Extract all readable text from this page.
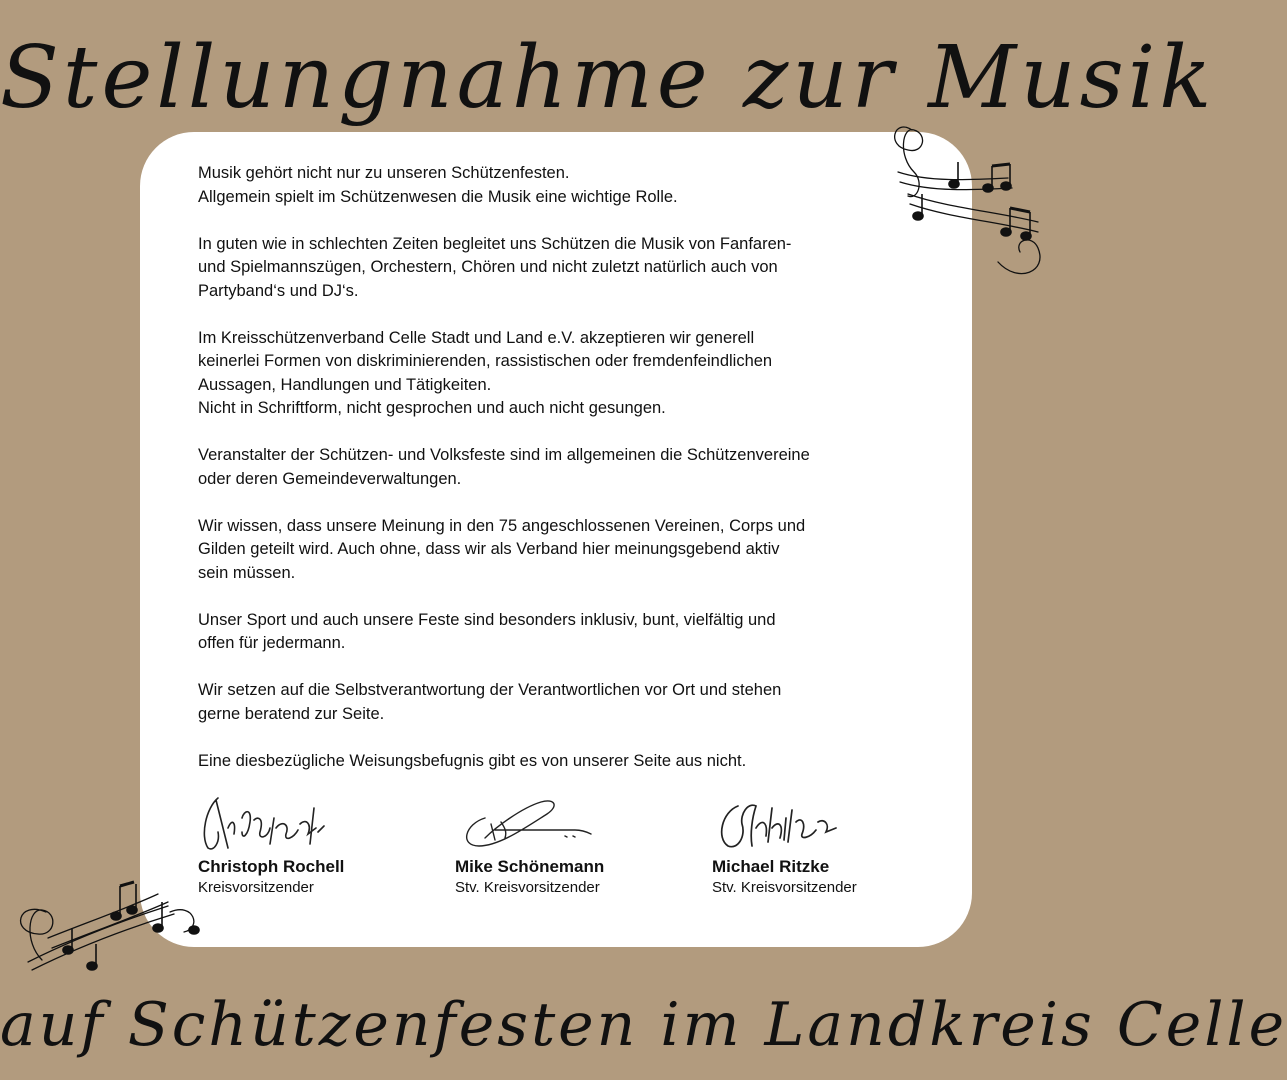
Stellungnahme zur Musik
Musik gehört nicht nur zu unseren Schützenfesten.
Allgemein spielt im Schützenwesen die Musik eine wichtige Rolle.
In guten wie in schlechten Zeiten begleitet uns Schützen die Musik von Fanfaren-
und Spielmannszügen, Orchestern, Chören und nicht zuletzt natürlich auch von
Partyband‘s und DJ‘s.
Im Kreisschützenverband Celle Stadt und Land e.V. akzeptieren wir generell
keinerlei Formen von diskriminierenden, rassistischen oder fremdenfeindlichen
Aussagen, Handlungen und Tätigkeiten.
Nicht in Schriftform, nicht gesprochen und auch nicht gesungen.
Veranstalter der Schützen- und Volksfeste sind im allgemeinen die Schützenvereine
oder deren Gemeindeverwaltungen.
Wir wissen, dass unsere Meinung in den 75 angeschlossenen Vereinen, Corps und
Gilden geteilt wird. Auch ohne, dass wir als Verband hier meinungsgebend aktiv
sein müssen.
Unser Sport und auch unsere Feste sind besonders inklusiv, bunt, vielfältig und
offen für jedermann.
Wir setzen auf die Selbstverantwortung der Verantwortlichen vor Ort und stehen
gerne beratend zur Seite.
Eine diesbezügliche Weisungsbefugnis gibt es von unserer Seite aus nicht.
Christoph Rochell
Kreisvorsitzender
Mike Schönemann
Stv. Kreisvorsitzender
Michael Ritzke
Stv. Kreisvorsitzender
auf Schützenfesten im Landkreis Celle
